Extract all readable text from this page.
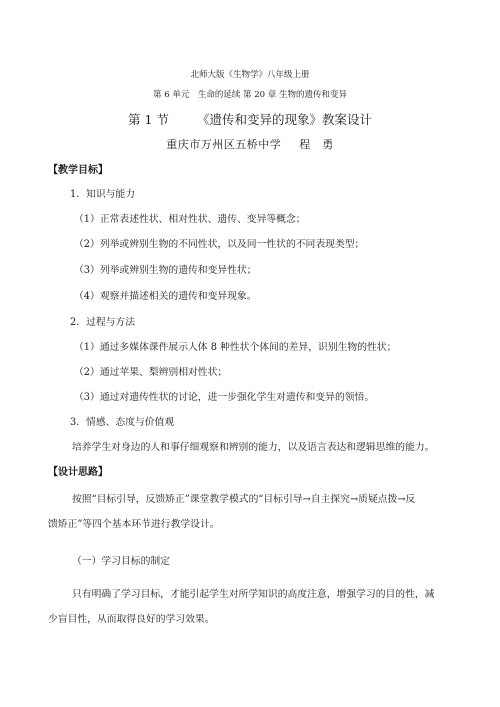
北师大版《生物学》八年级上册
第 6 单元　生命的延续 第 20 章 生物的遗传和变异
第 1 节 《遗传和变异的现象》教案设计
重庆市万州区五桥中学 程　勇
【教学目标】
1．知识与能力
（1）正常表述性状、相对性状、遗传、变异等概念；
（2）列举或辨别生物的不同性状，以及同一性状的不同表现类型；
（3）列举或辨别生物的遗传和变异性状；
（4）观察并描述相关的遗传和变异现象。
2．过程与方法
（1）通过多媒体课件展示人体 8 种性状个体间的差异，识别生物的性状；
（2）通过苹果、梨辨别相对性状；
（3）通过对遗传性状的讨论，进一步强化学生对遗传和变异的领悟。
3．情感、态度与价值观
培养学生对身边的人和事仔细观察和辨别的能力，以及语言表达和逻辑思维的能力。
【设计思路】
按照“目标引导，反馈矫正”课堂教学模式的“目标引导→自主探究→质疑点拨→反
馈矫正”等四个基本环节进行教学设计。
（一）学习目标的制定
只有明确了学习目标，才能引起学生对所学知识的高度注意，增强学习的目的性，减
少盲目性，从而取得良好的学习效果。
